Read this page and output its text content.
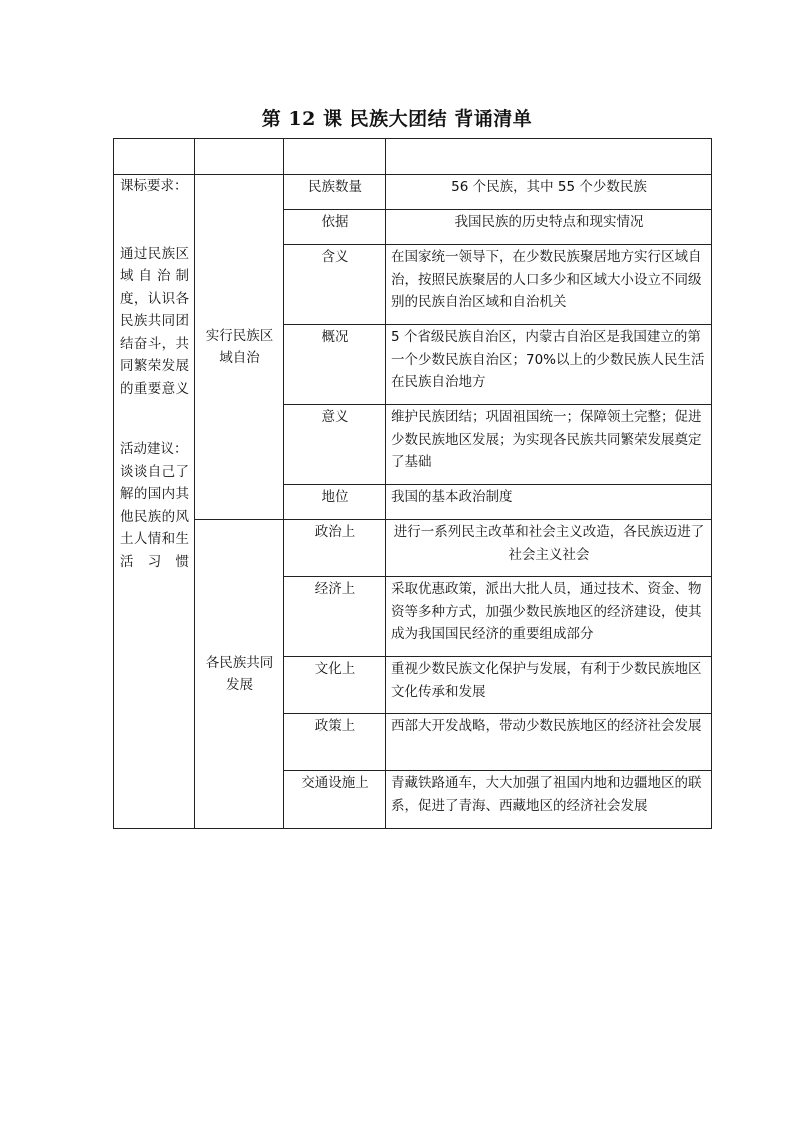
第 12 课 民族大团结 背诵清单

课标要求：
通过民族区域自治制度，认识各民族共同团结奋斗，共同繁荣发展的重要意义
活动建议：
谈谈自己了解的国内其他民族的风土人情和生活习惯	实行民族区域自治	民族数量	56 个民族，其中 55 个少数民族
		依据	我国民族的历史特点和现实情况
		含义	在国家统一领导下，在少数民族聚居地方实行区域自治，按照民族聚居的人口多少和区域大小设立不同级别的民族自治区域和自治机关
		概况	5 个省级民族自治区，内蒙古自治区是我国建立的第一个少数民族自治区；70%以上的少数民族人民生活在民族自治地方
		意义	维护民族团结；巩固祖国统一；保障领土完整；促进少数民族地区发展；为实现各民族共同繁荣发展奠定了基础
		地位	我国的基本政治制度
	各民族共同发展	政治上	进行一系列民主改革和社会主义改造，各民族迈进了社会主义社会
		经济上	采取优惠政策，派出大批人员，通过技术、资金、物资等多种方式，加强少数民族地区的经济建设，使其成为我国国民经济的重要组成部分
		文化上	重视少数民族文化保护与发展，有利于少数民族地区文化传承和发展
		政策上	西部大开发战略，带动少数民族地区的经济社会发展
		交通设施上	青藏铁路通车，大大加强了祖国内地和边疆地区的联系，促进了青海、西藏地区的经济社会发展
